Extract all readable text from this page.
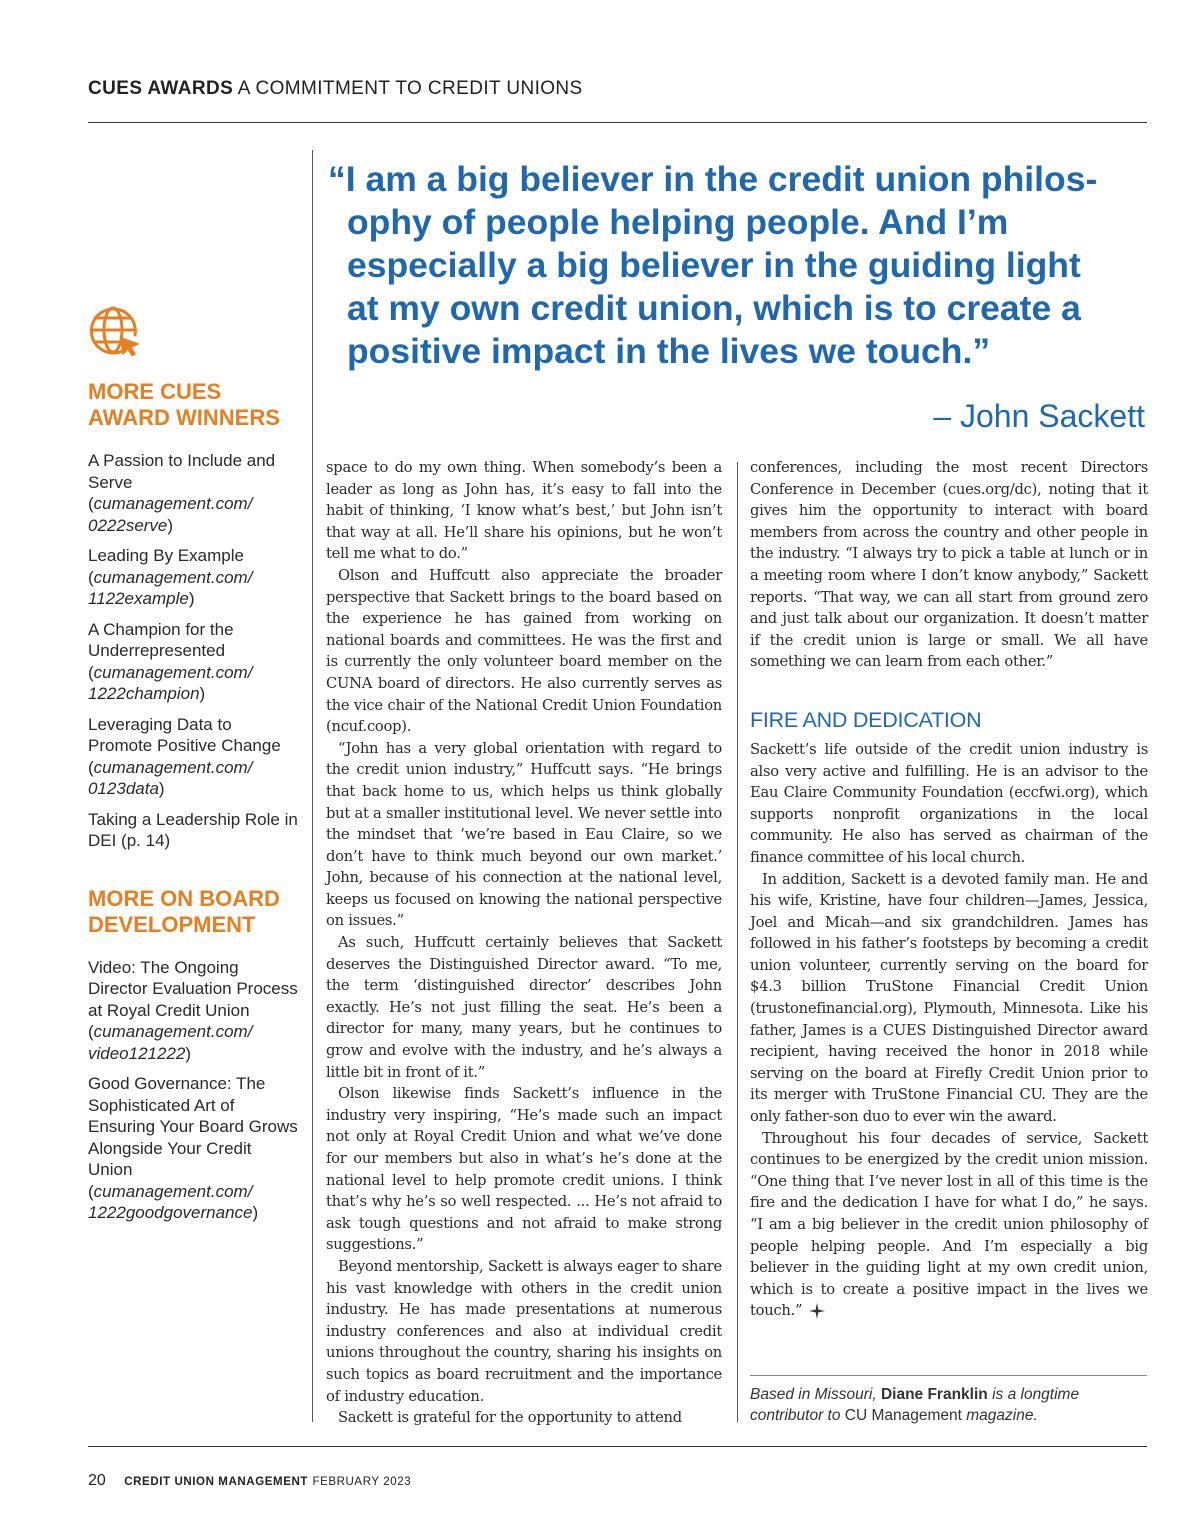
CUES AWARDS A COMMITMENT TO CREDIT UNIONS
“I am a big believer in the credit union philos-
ophy of people helping people. And I’m
especially a big believer in the guiding light
at my own credit union, which is to create a
positive impact in the lives we touch.”
– John Sackett
MORE CUES AWARD WINNERS
A Passion to Include and Serve
(cumanagement.com/ 0222serve)
Leading By Example
(cumanagement.com/ 1122example)
A Champion for the Underrepresented
(cumanagement.com/ 1222champion)
Leveraging Data to Promote Positive Change
(cumanagement.com/ 0123data)
Taking a Leadership Role in DEI (p. 14)
MORE ON BOARD DEVELOPMENT
Video: The Ongoing Director Evaluation Process at Royal Credit Union
(cumanagement.com/ video121222)
Good Governance: The Sophisticated Art of Ensuring Your Board Grows Alongside Your Credit Union
(cumanagement.com/ 1222goodgovernance)

space to do my own thing. When somebody’s been a leader as long as John has, it’s easy to fall into the habit of thinking, ‘I know what’s best,’ but John isn’t that way at all. He’ll share his opinions, but he won’t tell me what to do.”

Olson and Huffcutt also appreciate the broader perspective that Sackett brings to the board based on the experience he has gained from working on national boards and committees. He was the first and is currently the only volunteer board member on the CUNA board of directors. He also currently serves as the vice chair of the National Credit Union Foundation (ncuf.coop).

“John has a very global orientation with regard to the credit union industry,” Huffcutt says. “He brings that back home to us, which helps us think globally but at a smaller institutional level. We never settle into the mindset that ‘we’re based in Eau Claire, so we don’t have to think much beyond our own market.’ John, because of his connection at the national level, keeps us focused on knowing the national perspective on issues.”

As such, Huffcutt certainly believes that Sackett deserves the Distinguished Director award. “To me, the term ‘distinguished director’ describes John exactly. He’s not just filling the seat. He’s been a director for many, many years, but he continues to grow and evolve with the industry, and he’s always a little bit in front of it.”

Olson likewise finds Sackett’s influence in the industry very inspiring, “He’s made such an impact not only at Royal Credit Union and what we’ve done for our members but also in what’s he’s done at the national level to help promote credit unions. I think that’s why he’s so well respected. ... He’s not afraid to ask tough questions and not afraid to make strong suggestions.”

Beyond mentorship, Sackett is always eager to share his vast knowledge with others in the credit union industry. He has made presentations at numerous industry conferences and also at individual credit unions throughout the country, sharing his insights on such topics as board recruitment and the importance of industry education.

Sackett is grateful for the opportunity to attend

conferences, including the most recent Directors Conference in December (cues.org/dc), noting that it gives him the opportunity to interact with board members from across the country and other people in the industry. “I always try to pick a table at lunch or in a meeting room where I don’t know anybody,” Sackett reports. “That way, we can all start from ground zero and just talk about our organization. It doesn’t matter if the credit union is large or small. We all have something we can learn from each other.”

FIRE AND DEDICATION

Sackett’s life outside of the credit union industry is also very active and fulfilling. He is an advisor to the Eau Claire Community Foundation (eccfwi.org), which supports nonprofit organizations in the local community. He also has served as chairman of the finance committee of his local church.

In addition, Sackett is a devoted family man. He and his wife, Kristine, have four children—James, Jessica, Joel and Micah—and six grandchildren. James has followed in his father’s footsteps by becoming a credit union volunteer, currently serving on the board for $4.3 billion TruStone Financial Credit Union (trustonefinancial.org), Plymouth, Minnesota. Like his father, James is a CUES Distinguished Director award recipient, having received the honor in 2018 while serving on the board at Firefly Credit Union prior to its merger with TruStone Financial CU. They are the only father-son duo to ever win the award.

Throughout his four decades of service, Sackett continues to be energized by the credit union mission. “One thing that I’ve never lost in all of this time is the fire and the dedication I have for what I do,” he says. “I am a big believer in the credit union philosophy of people helping people. And I’m especially a big believer in the guiding light at my own credit union, which is to create a positive impact in the lives we touch.”

Based in Missouri, Diane Franklin is a longtime contributor to CU Management magazine.
20 CREDIT UNION MANAGEMENT FEBRUARY 2023
